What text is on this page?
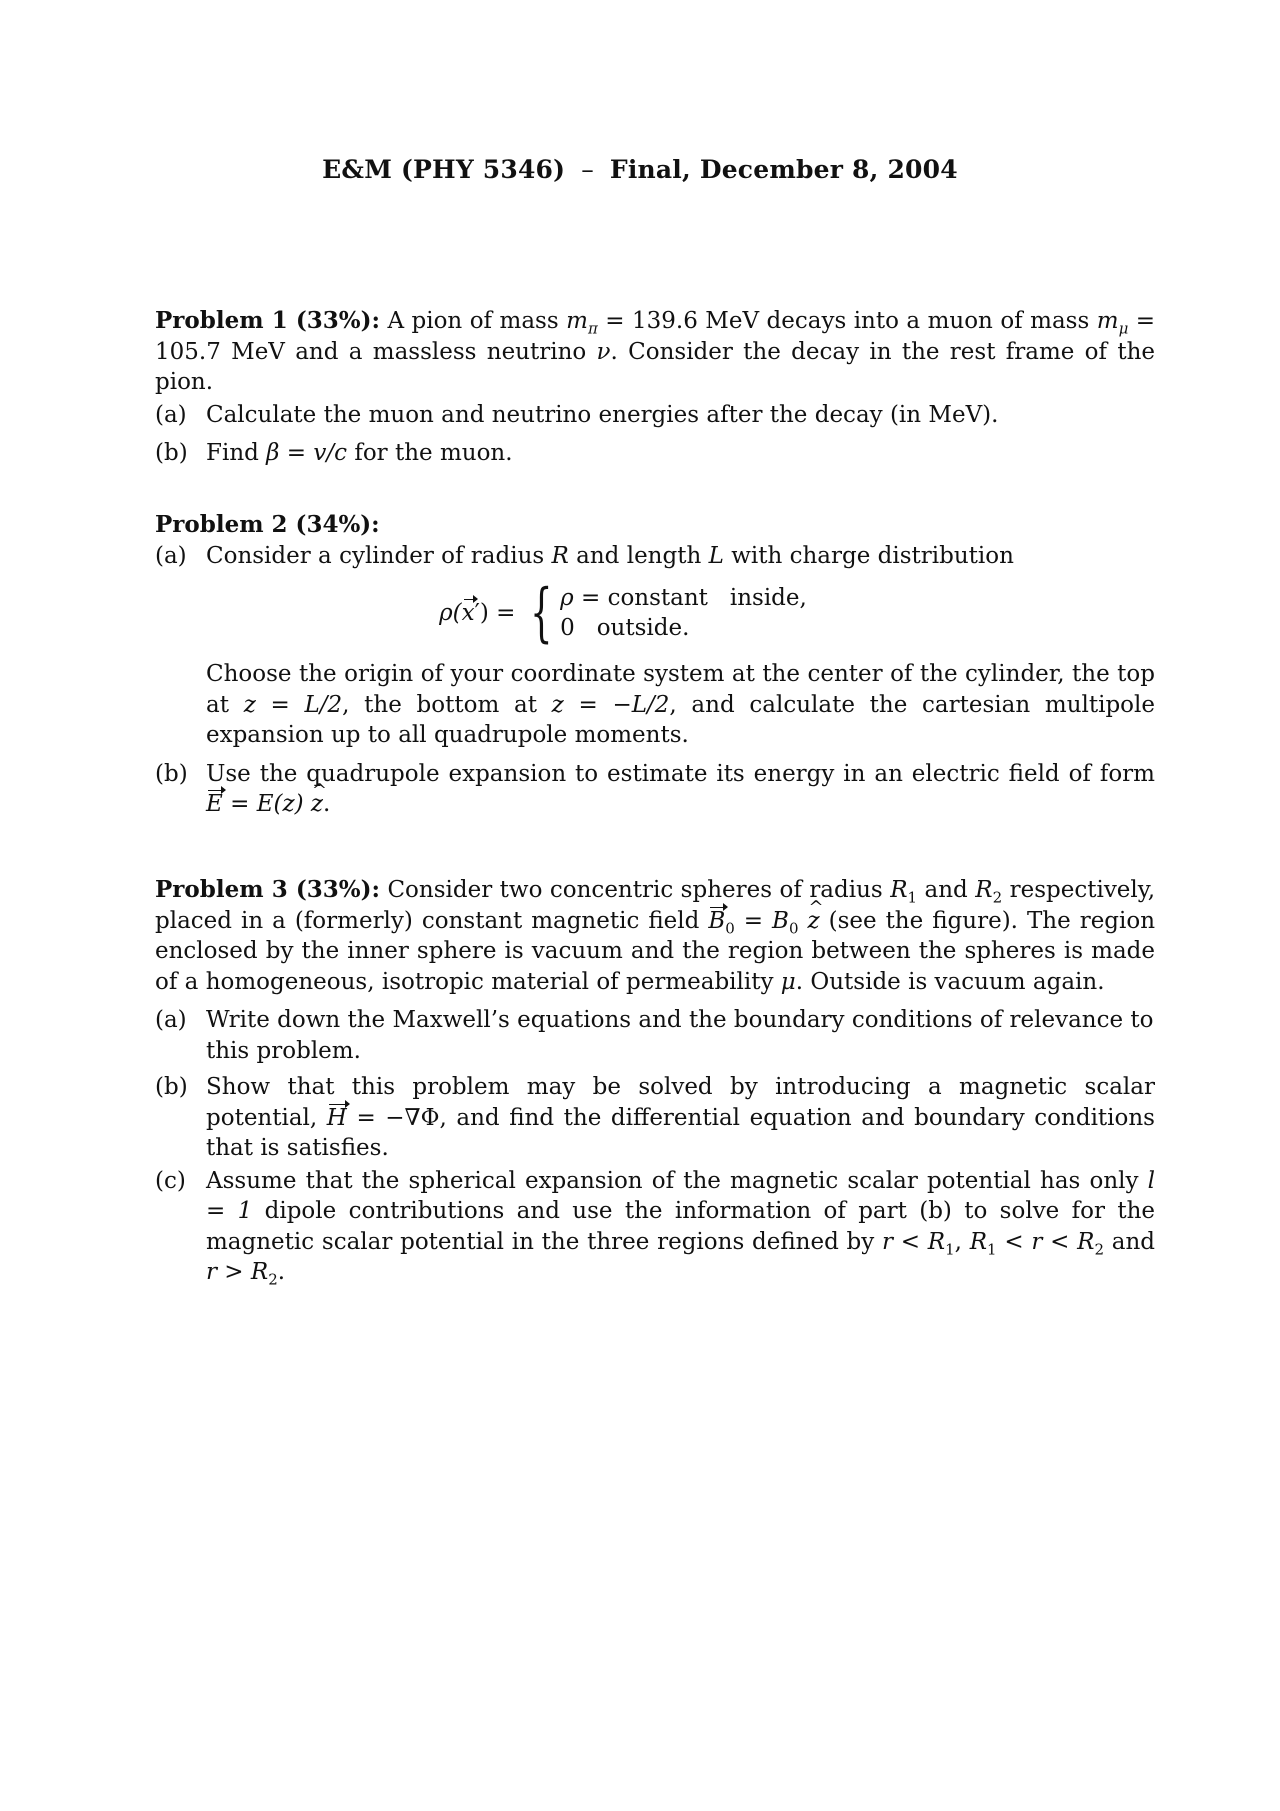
E&M (PHY 5346) – Final, December 8, 2004
Problem 1 (33%): A pion of mass $m_\pi = 139.6$ MeV decays into a muon of mass $m_\mu = 105.7$ MeV and a massless neutrino ν. Consider the decay in the rest frame of the pion.
(a) Calculate the muon and neutrino energies after the decay (in MeV).
(b) Find β = v/c for the muon.
Problem 2 (34%):
(a) Consider a cylinder of radius R and length L with charge distribution
ρ(x′) = { ρ = constant   inside,
0   outside.
Choose the origin of your coordinate system at the center of the cylinder, the top at z = L/2, the bottom at z = −L/2, and calculate the cartesian multipole expansion up to all quadrupole moments.
(b) Use the quadrupole expansion to estimate its energy in an electric field of form E = E(z) z ^.
Problem 3 (33%): Consider two concentric spheres of radius $R_1$ and $R_2$ respectively, placed in a (formerly) constant magnetic field $B_0 = B_0$ z ^ (see the figure). The region enclosed by the inner sphere is vacuum and the region between the spheres is made of a homogeneous, isotropic material of permeability μ. Outside is vacuum again.
(a) Write down the Maxwell’s equations and the boundary conditions of relevance to this problem.
(b) Show that this problem may be solved by introducing a magnetic scalar potential, H = −∇Φ, and find the differential equation and boundary conditions that is satisfies.
(c) Assume that the spherical expansion of the magnetic scalar potential has only l = 1 dipole contributions and use the information of part (b) to solve for the magnetic scalar potential in the three regions defined by $r < R_1$, $R_1 < r < R_2$ and $r > R_2$.
